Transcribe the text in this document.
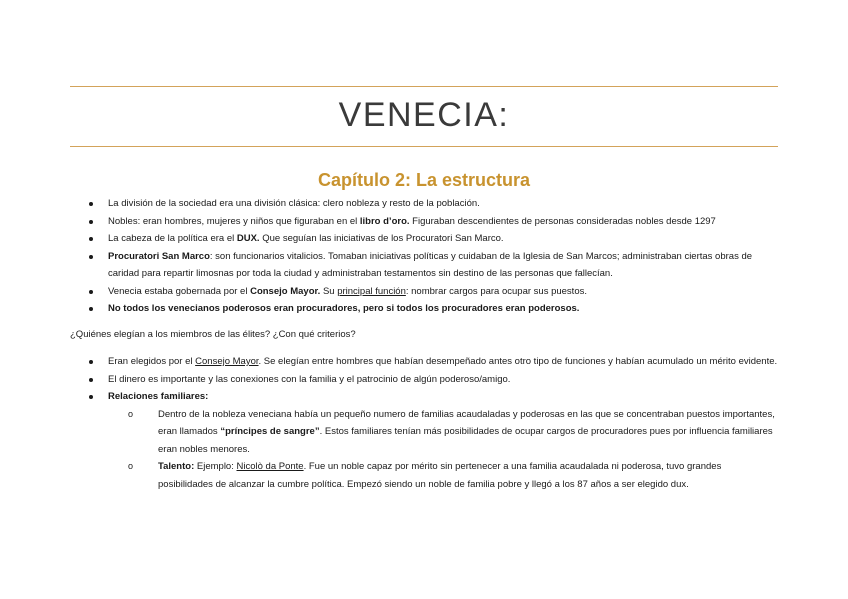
VENECIA:
Capítulo 2: La estructura
La división de la sociedad era una división clásica: clero nobleza y resto de la población.
Nobles: eran hombres, mujeres y niños que figuraban en el libro d’oro. Figuraban descendientes de personas consideradas nobles desde 1297
La cabeza de la política era el DUX. Que seguían las iniciativas de los Procuratori San Marco.
Procuratori San Marco: son funcionarios vitalicios. Tomaban iniciativas políticas y cuidaban de la Iglesia de San Marcos; administraban ciertas obras de caridad para repartir limosnas por toda la ciudad y administraban testamentos sin destino de las personas que fallecían.
Venecia estaba gobernada por el Consejo Mayor. Su principal función: nombrar cargos para ocupar sus puestos.
No todos los venecianos poderosos eran procuradores, pero si todos los procuradores eran poderosos.
¿Quiénes elegían a los miembros de las élites? ¿Con qué criterios?
Eran elegidos por el Consejo Mayor. Se elegían entre hombres que habían desempeñado antes otro tipo de funciones y habían acumulado un mérito evidente.
El dinero es importante y las conexiones con la familia y el patrocinio de algún poderoso/amigo.
Relaciones familiares:
o Dentro de la nobleza veneciana había un pequeño numero de familias acaudaladas y poderosas en las que se concentraban puestos importantes, eran llamados “príncipes de sangre”. Estos familiares tenían más posibilidades de ocupar cargos de procuradores pues por influencia familiares eran nobles menores.
o Talento: Ejemplo: Nicolò da Ponte. Fue un noble capaz por mérito sin pertenecer a una familia acaudalada ni poderosa, tuvo grandes posibilidades de alcanzar la cumbre política. Empezó siendo un noble de familia pobre y llegó a los 87 años a ser elegido dux.
